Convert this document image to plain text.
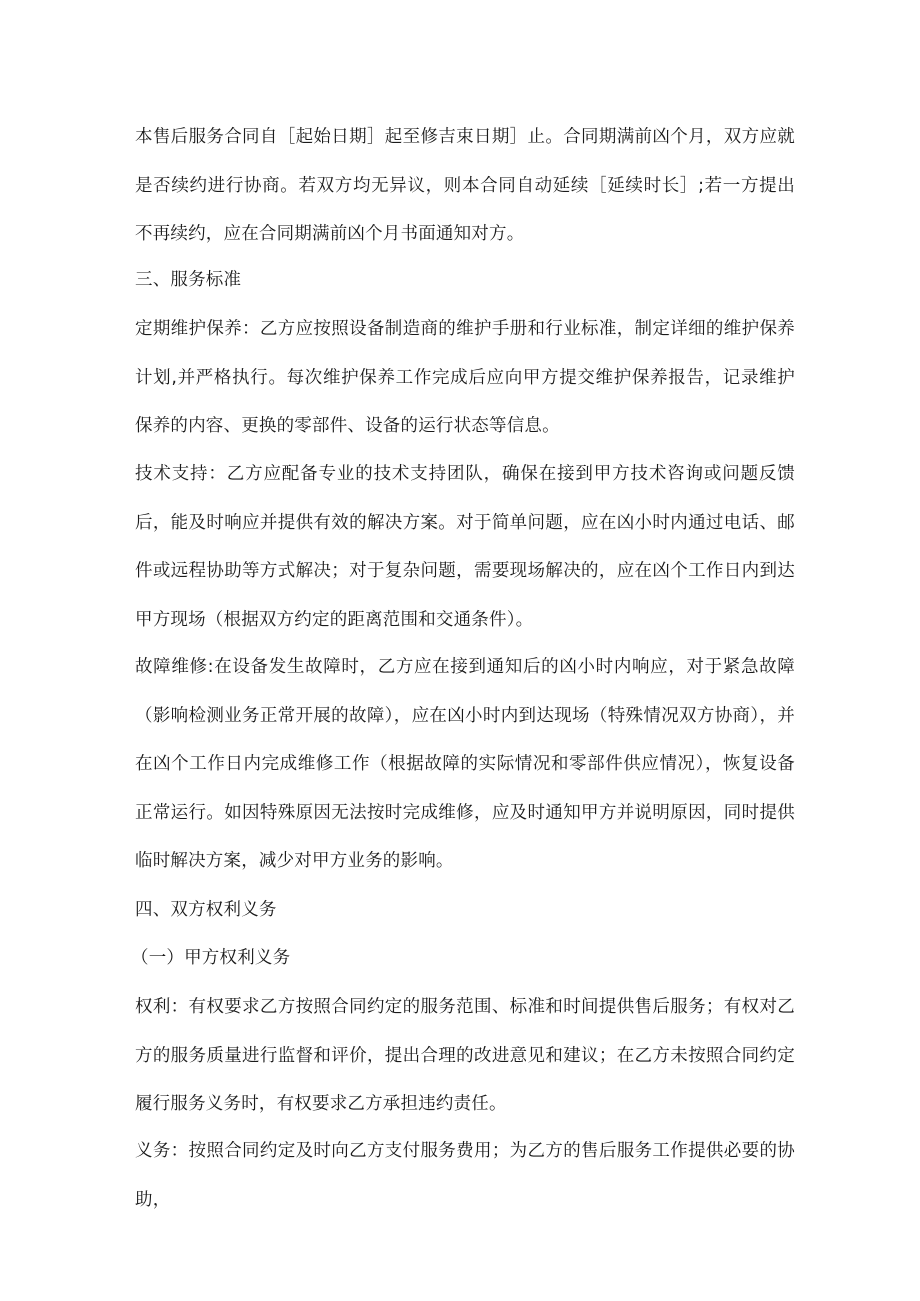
本售后服务合同自［起始日期］起至修吉束日期］止。合同期满前凶个月，双方应就是否续约进行协商。若双方均无异议，则本合同自动延续［延续时长］;若一方提出不再续约，应在合同期满前凶个月书面通知对方。

三、服务标准

定期维护保养：乙方应按照设备制造商的维护手册和行业标准，制定详细的维护保养计划,并严格执行。每次维护保养工作完成后应向甲方提交维护保养报告，记录维护保养的内容、更换的零部件、设备的运行状态等信息。

技术支持：乙方应配备专业的技术支持团队，确保在接到甲方技术咨询或问题反馈后，能及时响应并提供有效的解决方案。对于简单问题，应在凶小时内通过电话、邮件或远程协助等方式解决；对于复杂问题，需要现场解决的，应在凶个工作日内到达甲方现场（根据双方约定的距离范围和交通条件）。

故障维修:在设备发生故障时，乙方应在接到通知后的凶小时内响应，对于紧急故障（影响检测业务正常开展的故障），应在凶小时内到达现场（特殊情况双方协商），并在凶个工作日内完成维修工作（根据故障的实际情况和零部件供应情况），恢复设备正常运行。如因特殊原因无法按时完成维修，应及时通知甲方并说明原因，同时提供临时解决方案，减少对甲方业务的影响。

四、双方权利义务

（一）甲方权利义务

权利：有权要求乙方按照合同约定的服务范围、标准和时间提供售后服务；有权对乙方的服务质量进行监督和评价，提出合理的改进意见和建议；在乙方未按照合同约定履行服务义务时，有权要求乙方承担违约责任。

义务：按照合同约定及时向乙方支付服务费用；为乙方的售后服务工作提供必要的协助，
